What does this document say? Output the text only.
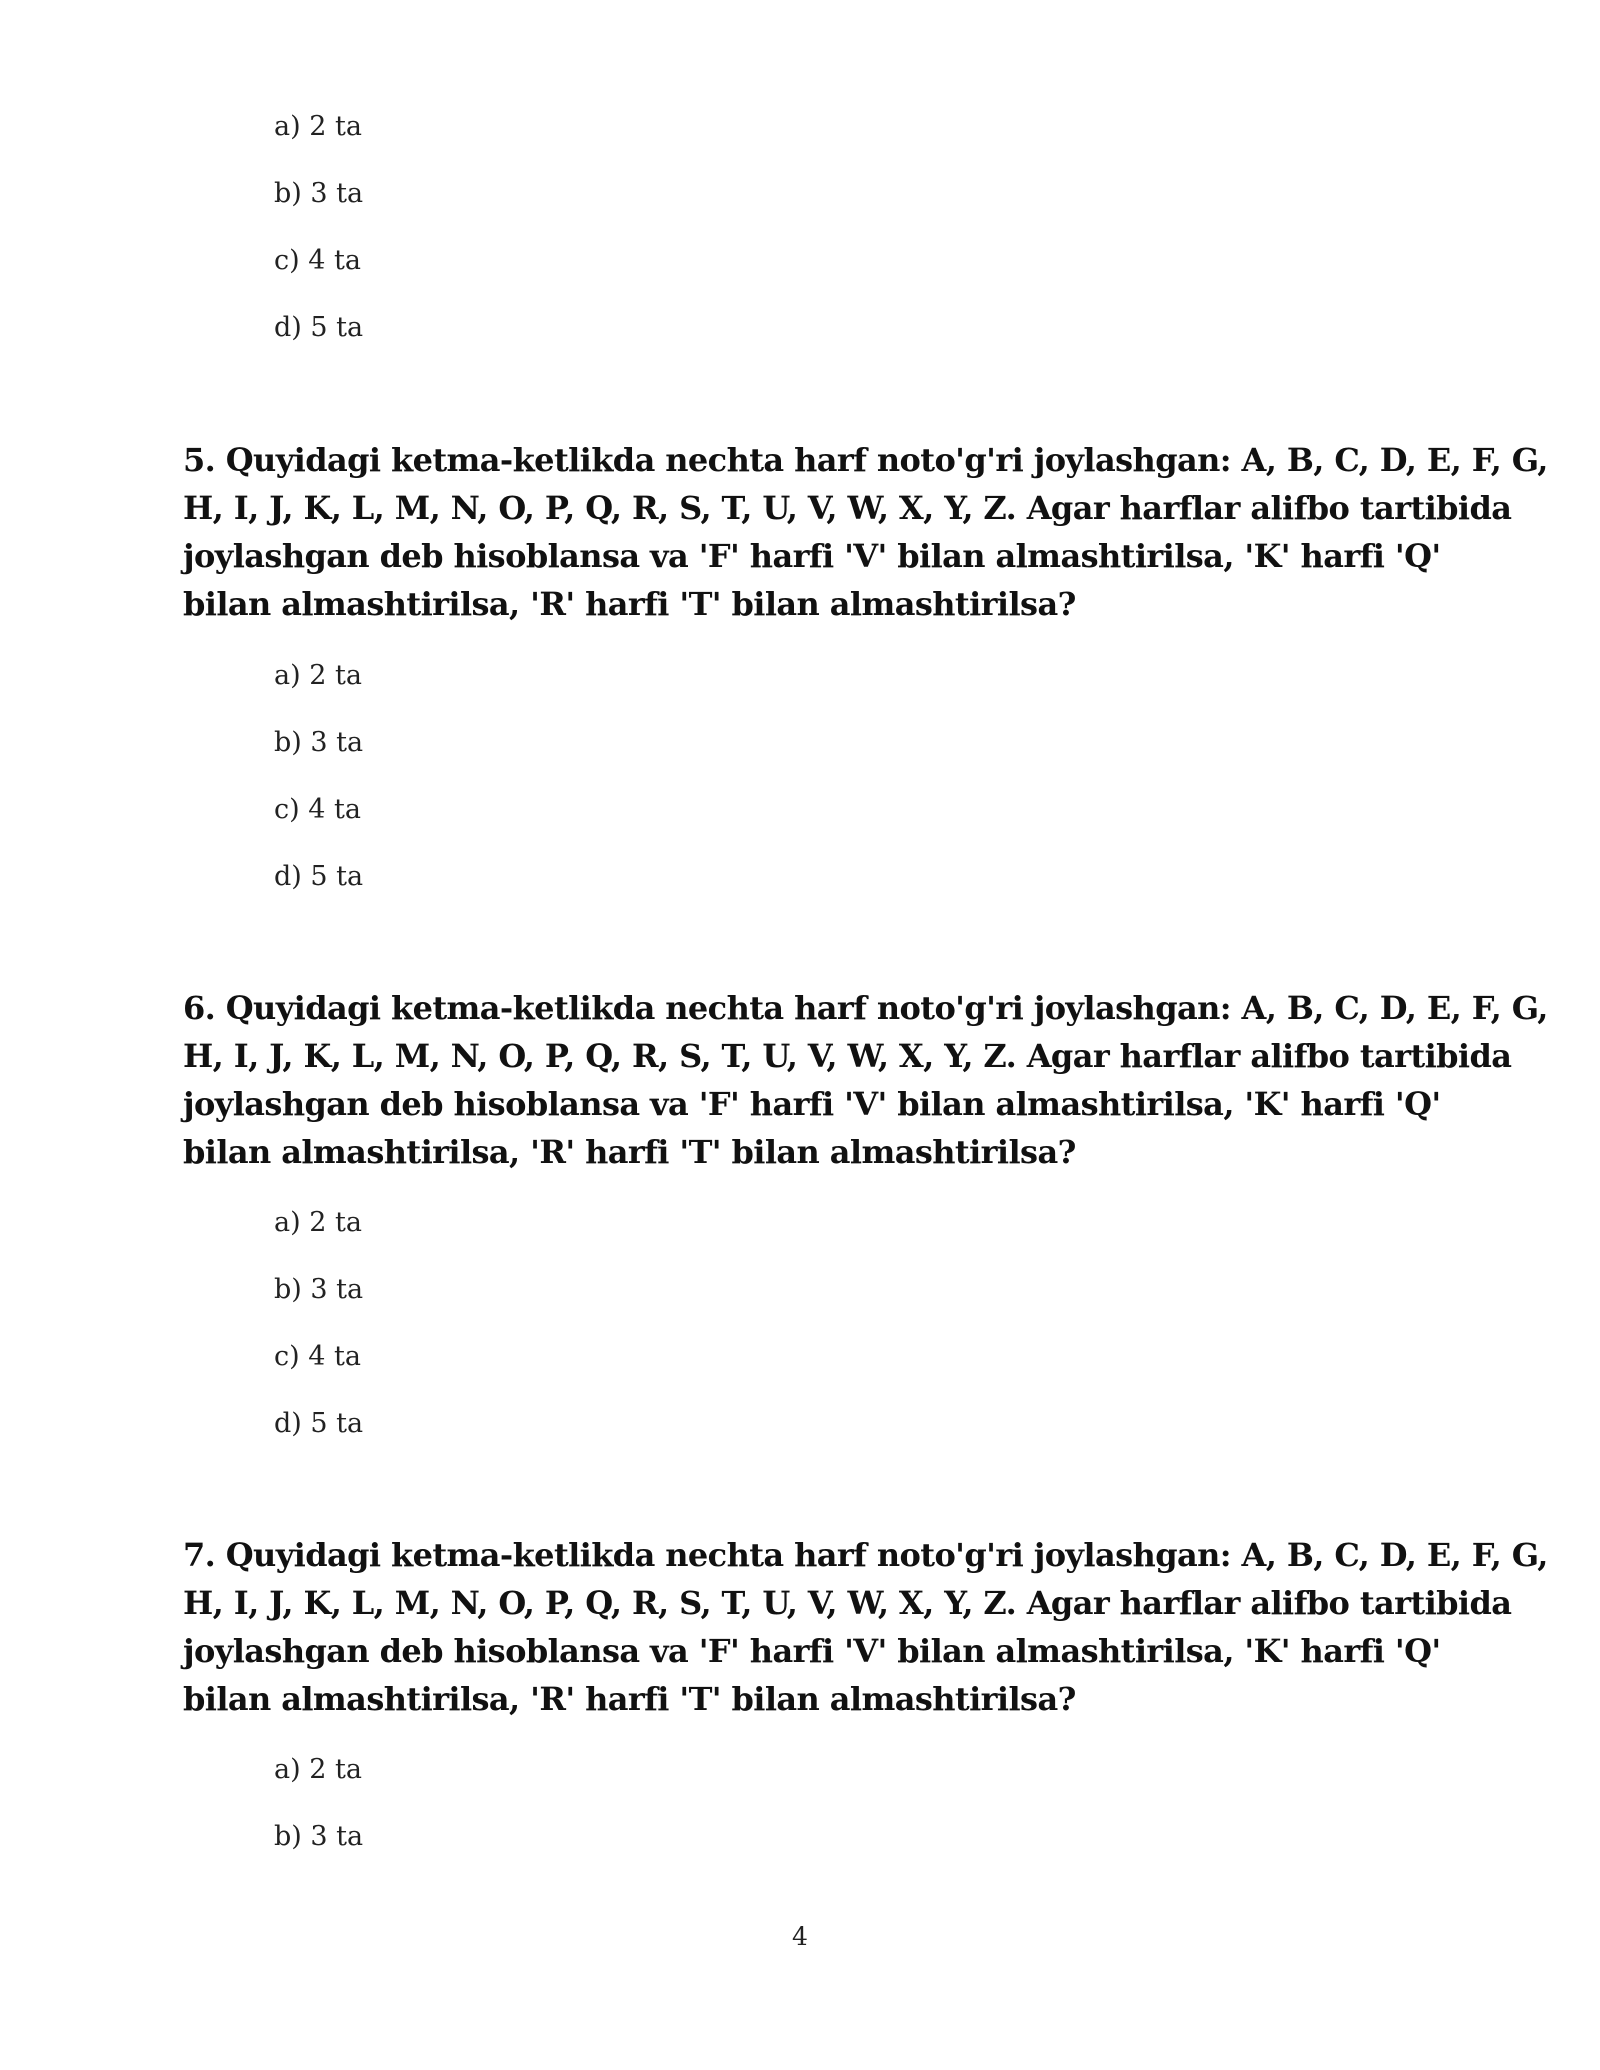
a) 2 ta
b) 3 ta
c) 4 ta
d) 5 ta

5. Quyidagi ketma-ketlikda nechta harf noto'g'ri joylashgan: A, B, C, D, E, F, G,
H, I, J, K, L, M, N, O, P, Q, R, S, T, U, V, W, X, Y, Z. Agar harflar alifbo tartibida
joylashgan deb hisoblansa va 'F' harfi 'V' bilan almashtirilsa, 'K' harfi 'Q'
bilan almashtirilsa, 'R' harfi 'T' bilan almashtirilsa?

a) 2 ta
b) 3 ta
c) 4 ta
d) 5 ta

6. Quyidagi ketma-ketlikda nechta harf noto'g'ri joylashgan: A, B, C, D, E, F, G,
H, I, J, K, L, M, N, O, P, Q, R, S, T, U, V, W, X, Y, Z. Agar harflar alifbo tartibida
joylashgan deb hisoblansa va 'F' harfi 'V' bilan almashtirilsa, 'K' harfi 'Q'
bilan almashtirilsa, 'R' harfi 'T' bilan almashtirilsa?

a) 2 ta
b) 3 ta
c) 4 ta
d) 5 ta

7. Quyidagi ketma-ketlikda nechta harf noto'g'ri joylashgan: A, B, C, D, E, F, G,
H, I, J, K, L, M, N, O, P, Q, R, S, T, U, V, W, X, Y, Z. Agar harflar alifbo tartibida
joylashgan deb hisoblansa va 'F' harfi 'V' bilan almashtirilsa, 'K' harfi 'Q'
bilan almashtirilsa, 'R' harfi 'T' bilan almashtirilsa?

a) 2 ta
b) 3 ta
4
